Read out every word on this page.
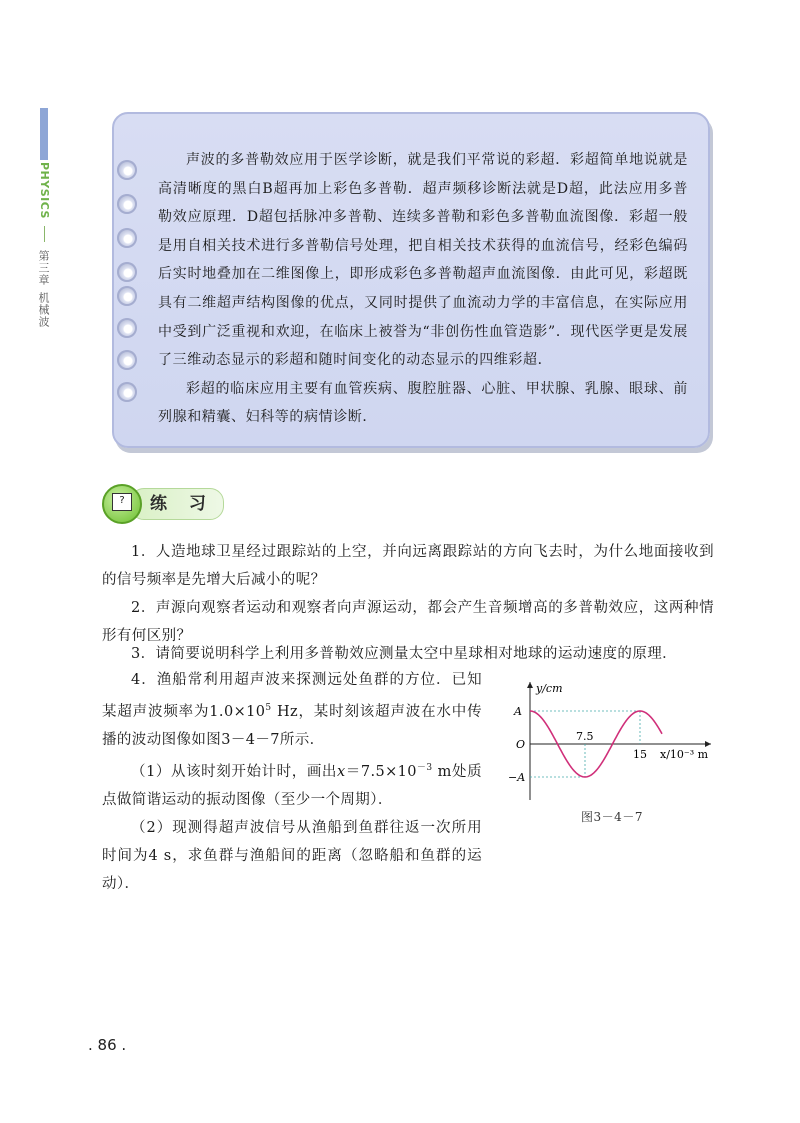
PHYSICS
第三章
机械波

声波的多普勒效应用于医学诊断，就是我们平常说的彩超．彩超简单地说就是高清晰度的黑白B超再加上彩色多普勒．超声频移诊断法就是D超，此法应用多普勒效应原理．D超包括脉冲多普勒、连续多普勒和彩色多普勒血流图像．彩超一般是用自相关技术进行多普勒信号处理，把自相关技术获得的血流信号，经彩色编码后实时地叠加在二维图像上，即形成彩色多普勒超声血流图像．由此可见，彩超既具有二维超声结构图像的优点，又同时提供了血流动力学的丰富信息，在实际应用中受到广泛重视和欢迎，在临床上被誉为“非创伤性血管造影”．现代医学更是发展了三维动态显示的彩超和随时间变化的动态显示的四维彩超．

彩超的临床应用主要有血管疾病、腹腔脏器、心脏、甲状腺、乳腺、眼球、前列腺和精囊、妇科等的病情诊断．

?	练 习

1．人造地球卫星经过跟踪站的上空，并向远离跟踪站的方向飞去时，为什么地面接收到的信号频率是先增大后减小的呢？

2．声源向观察者运动和观察者向声源运动，都会产生音频增高的多普勒效应，这两种情形有何区别？

3．请简要说明科学上利用多普勒效应测量太空中星球相对地球的运动速度的原理．

4．渔船常利用超声波来探测远处鱼群的方位．已知某超声波频率为$1.0\times 10^5$ Hz，某时刻该超声波在水中传播的波动图像如图3－4－7所示．

（1）从该时刻开始计时，画出$x=7.5\times 10^{-3}$ m处质点做简谐运动的振动图像（至少一个周期）．

（2）现测得超声波信号从渔船到鱼群往返一次所用时间为4 s，求鱼群与渔船间的距离（忽略船和鱼群的运动）．

y/cm
A
O
−A
7.5
15 x/10⁻³ m
图3－4－7
. 86 .
